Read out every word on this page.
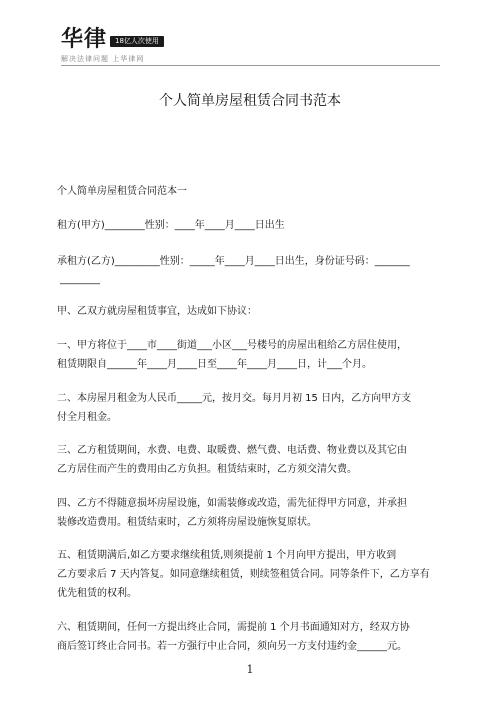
华律	18亿人次使用
解决法律问题 上华律网
个人简单房屋租赁合同书范本
个人简单房屋租赁合同范本一
租方(甲方)________性别：____年____月____日出生
承租方(乙方)_________性别：_____年____月____日出生，身份证号码：_______
________
甲、乙双方就房屋租赁事宜，达成如下协议：
一、甲方将位于____市____街道___小区___号楼号的房屋出租给乙方居住使用，
租赁期限自______年____月____日至____年____月____日，计___个月。
二、本房屋月租金为人民币_____元，按月交。每月月初 15 日内，乙方向甲方支
付全月租金。
三、乙方租赁期间，水费、电费、取暖费、燃气费、电话费、物业费以及其它由
乙方居住而产生的费用由乙方负担。租赁结束时，乙方须交清欠费。
四、乙方不得随意损坏房屋设施，如需装修或改造，需先征得甲方同意，并承担
装修改造费用。租赁结束时，乙方须将房屋设施恢复原状。
五、租赁期满后,如乙方要求继续租赁,则须提前 1 个月向甲方提出，甲方收到
乙方要求后 7 天内答复。如同意继续租赁，则续签租赁合同。同等条件下，乙方享有
优先租赁的权利。
六、租赁期间，任何一方提出终止合同，需提前 1 个月书面通知对方，经双方协
商后签订终止合同书。若一方强行中止合同，须向另一方支付违约金______元。
1
